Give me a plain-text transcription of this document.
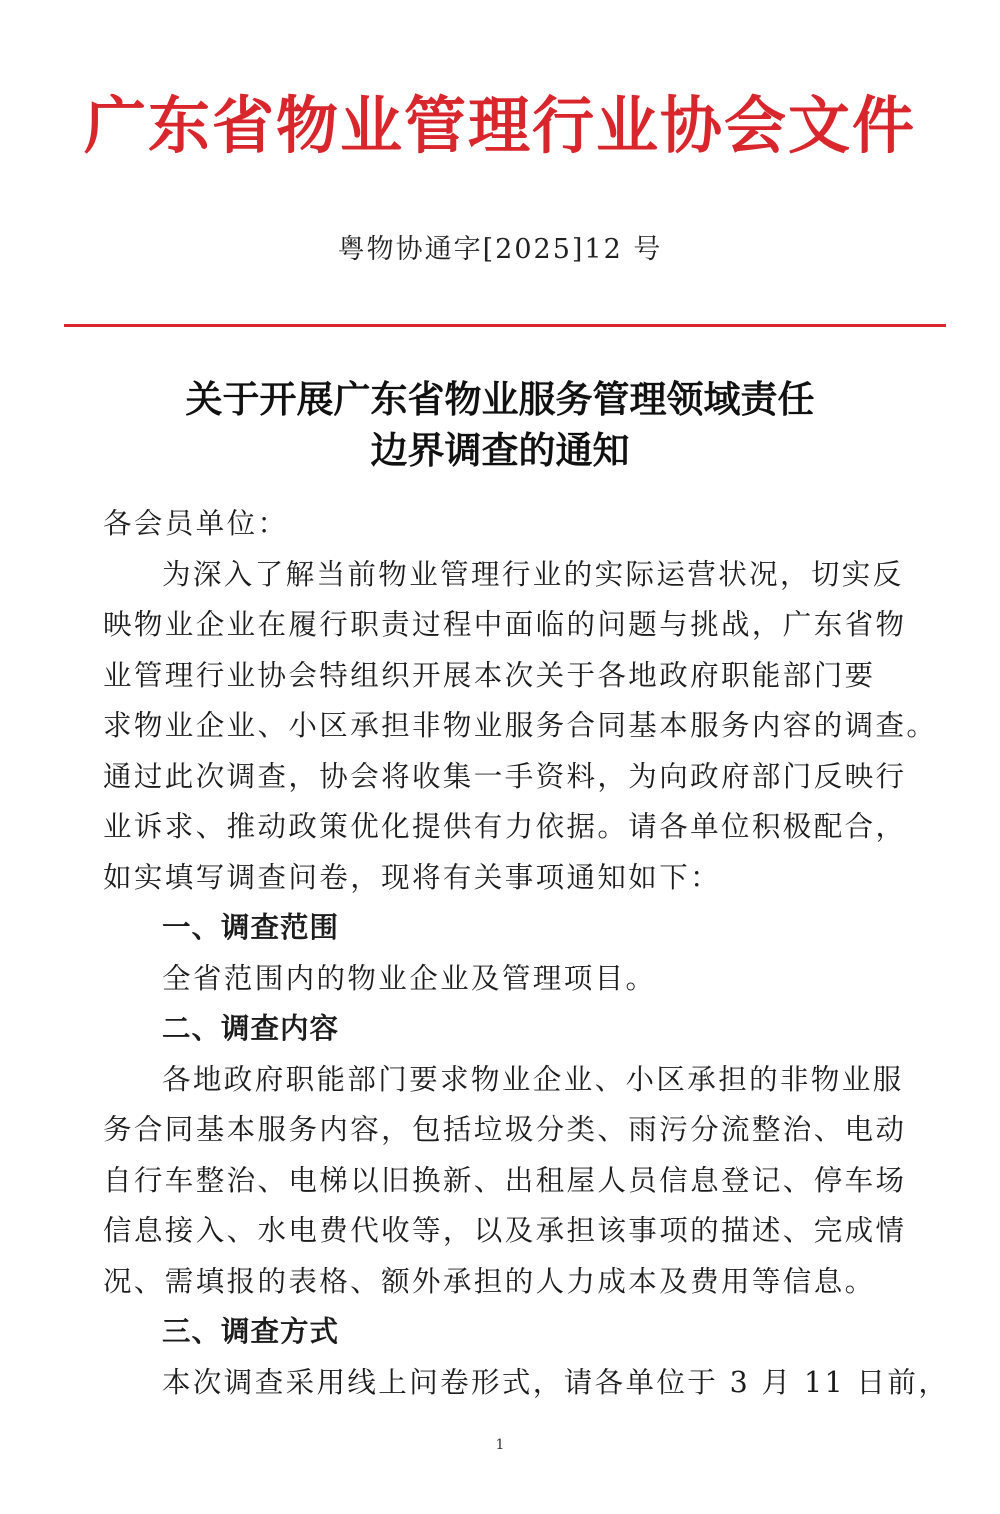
广东省物业管理行业协会文件
粤物协通字[2025]12 号
关于开展广东省物业服务管理领域责任
边界调查的通知
各会员单位：
为深入了解当前物业管理行业的实际运营状况，切实反
映物业企业在履行职责过程中面临的问题与挑战，广东省物
业管理行业协会特组织开展本次关于各地政府职能部门要
求物业企业、小区承担非物业服务合同基本服务内容的调查。
通过此次调查，协会将收集一手资料，为向政府部门反映行
业诉求、推动政策优化提供有力依据。请各单位积极配合，
如实填写调查问卷，现将有关事项通知如下：
一、调查范围
全省范围内的物业企业及管理项目。
二、调查内容
各地政府职能部门要求物业企业、小区承担的非物业服
务合同基本服务内容，包括垃圾分类、雨污分流整治、电动
自行车整治、电梯以旧换新、出租屋人员信息登记、停车场
信息接入、水电费代收等，以及承担该事项的描述、完成情
况、需填报的表格、额外承担的人力成本及费用等信息。
三、调查方式
本次调查采用线上问卷形式，请各单位于 3 月 11 日前，
1
